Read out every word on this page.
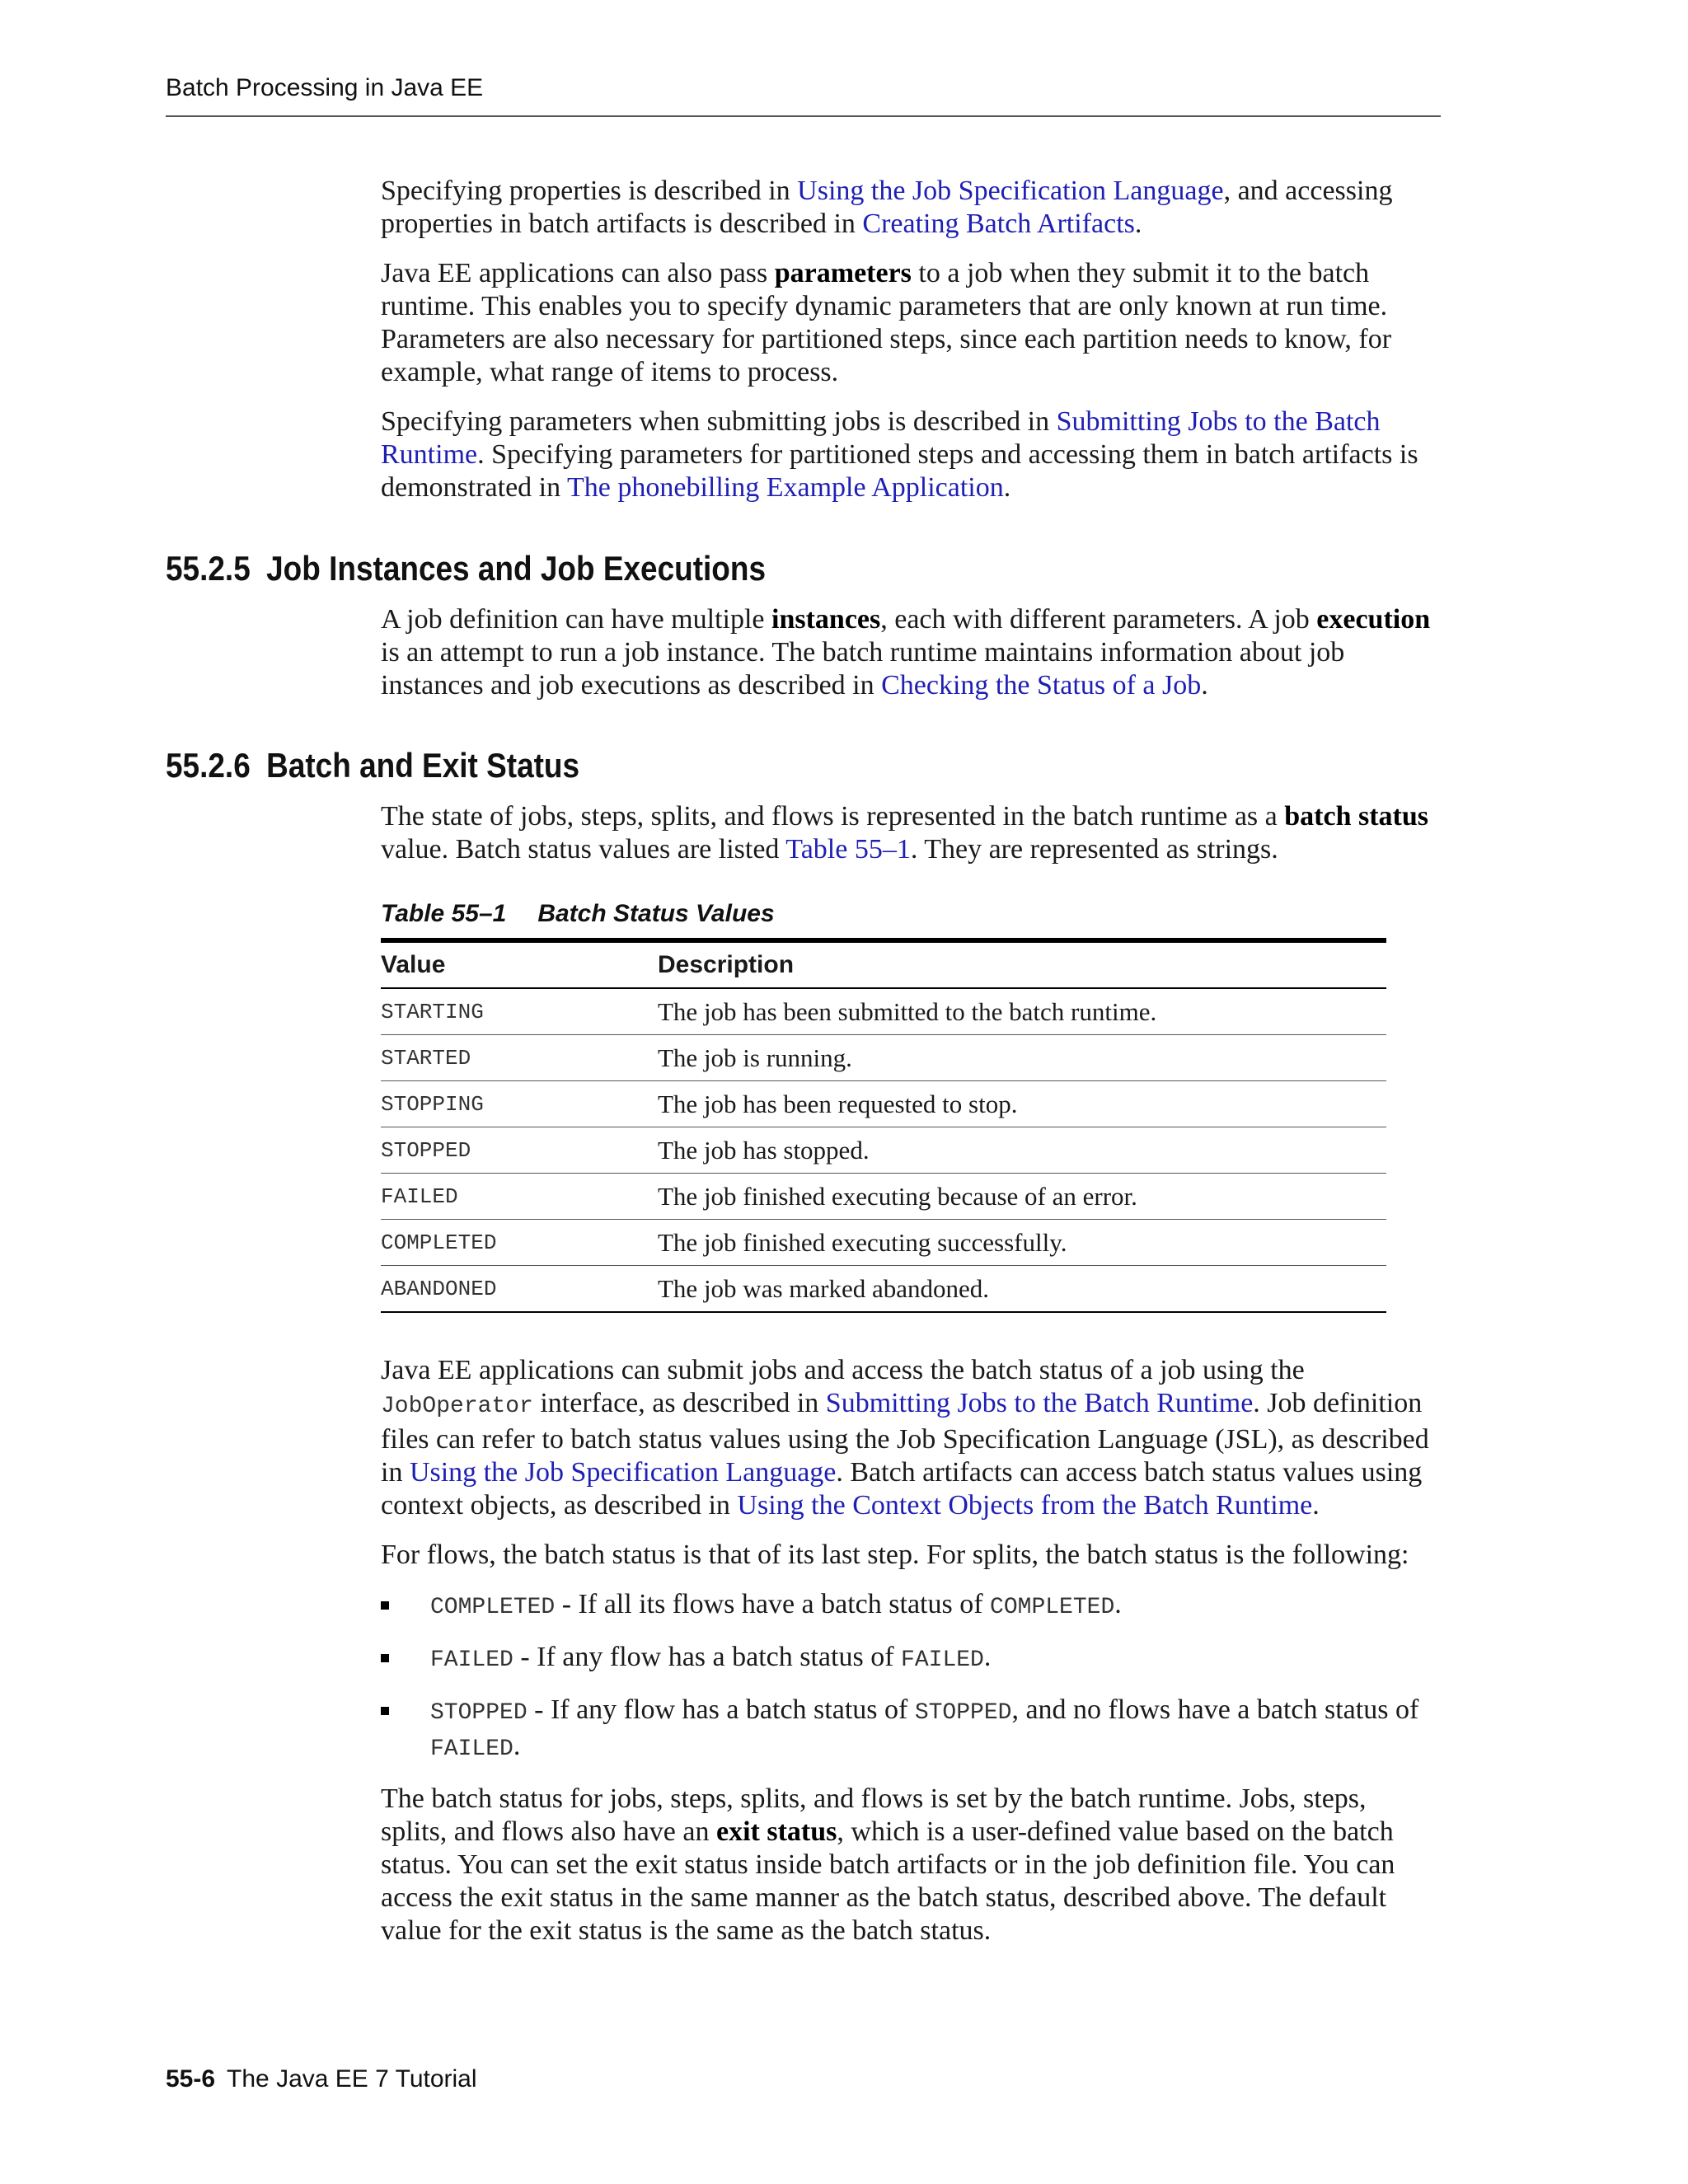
Batch Processing in Java EE

Specifying properties is described in Using the Job Specification Language, and accessing properties in batch artifacts is described in Creating Batch Artifacts.

Java EE applications can also pass parameters to a job when they submit it to the batch runtime. This enables you to specify dynamic parameters that are only known at run time. Parameters are also necessary for partitioned steps, since each partition needs to know, for example, what range of items to process.

Specifying parameters when submitting jobs is described in Submitting Jobs to the Batch Runtime. Specifying parameters for partitioned steps and accessing them in batch artifacts is demonstrated in The phonebilling Example Application.

55.2.5 Job Instances and Job Executions

A job definition can have multiple instances, each with different parameters. A job execution is an attempt to run a job instance. The batch runtime maintains information about job instances and job executions as described in Checking the Status of a Job.

55.2.6 Batch and Exit Status

The state of jobs, steps, splits, and flows is represented in the batch runtime as a batch status value. Batch status values are listed Table 55–1. They are represented as strings.

Table 55–1 Batch Status Values
Value	Description
STARTING	The job has been submitted to the batch runtime.
STARTED	The job is running.
STOPPING	The job has been requested to stop.
STOPPED	The job has stopped.
FAILED	The job finished executing because of an error.
COMPLETED	The job finished executing successfully.
ABANDONED	The job was marked abandoned.

Java EE applications can submit jobs and access the batch status of a job using the JobOperator interface, as described in Submitting Jobs to the Batch Runtime. Job definition files can refer to batch status values using the Job Specification Language (JSL), as described in Using the Job Specification Language. Batch artifacts can access batch status values using context objects, as described in Using the Context Objects from the Batch Runtime.

For flows, the batch status is that of its last step. For splits, the batch status is the following:

COMPLETED - If all its flows have a batch status of COMPLETED.
FAILED - If any flow has a batch status of FAILED.
STOPPED - If any flow has a batch status of STOPPED, and no flows have a batch status of FAILED.

The batch status for jobs, steps, splits, and flows is set by the batch runtime. Jobs, steps, splits, and flows also have an exit status, which is a user-defined value based on the batch status. You can set the exit status inside batch artifacts or in the job definition file. You can access the exit status in the same manner as the batch status, described above. The default value for the exit status is the same as the batch status.

55-6 The Java EE 7 Tutorial
